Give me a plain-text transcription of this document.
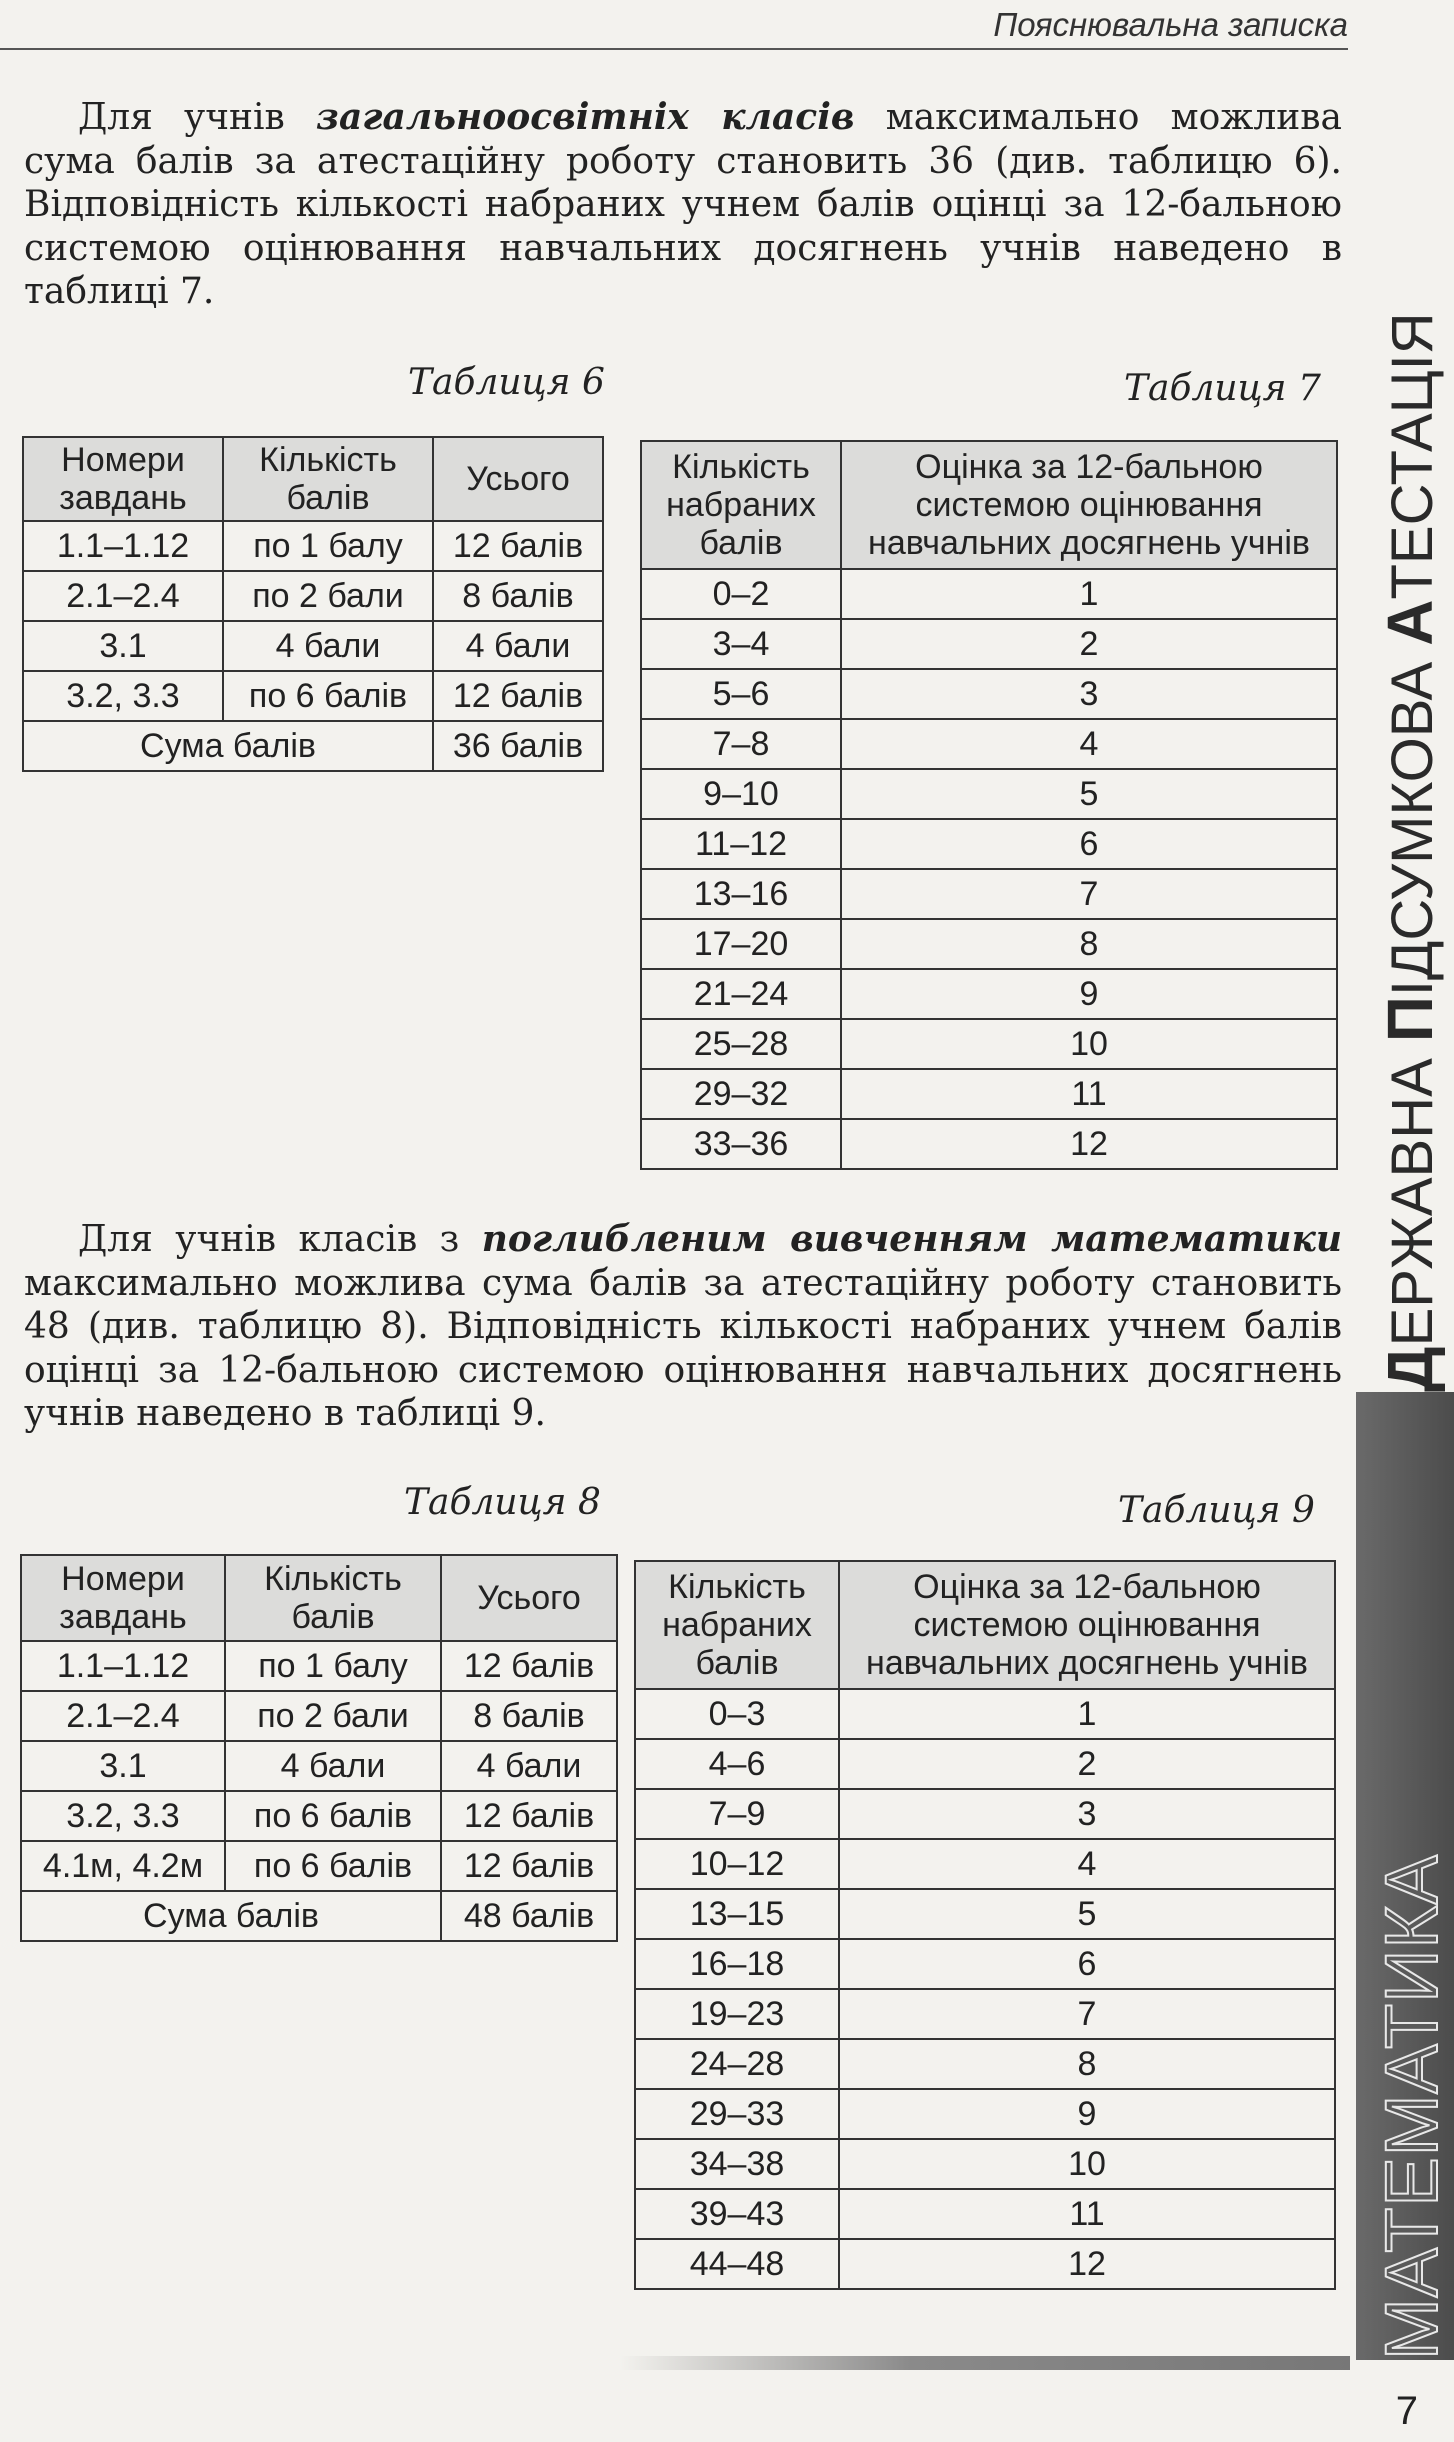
Пояснювальна записка

Для учнів загальноосвітніх класів максимально можлива сума балів за атестаційну роботу становить 36 (див. таблицю 6). Відповідність кількості набраних учнем балів оцінці за 12-бальною системою оцінювання навчальних досягнень учнів наведено в таблиці 7.

Таблиця 6
Номери завдань	Кількість балів	Усього
1.1–1.12	по 1 балу	12 балів
2.1–2.4	по 2 бали	8 балів
3.1	4 бали	4 бали
3.2, 3.3	по 6 балів	12 балів
Сума балів		36 балів
Таблиця 7
Кількість набраних балів	Оцінка за 12-бальною системою оцінювання навчальних досягнень учнів
0–2	1
3–4	2
5–6	3
7–8	4
9–10	5
11–12	6
13–16	7
17–20	8
21–24	9
25–28	10
29–32	11
33–36	12

Для учнів класів з поглибленим вивченням математики максимально можлива сума балів за атестаційну роботу становить 48 (див. таблицю 8). Відповідність кількості набраних учнем балів оцінці за 12-бальною системою оцінювання навчальних досягнень учнів наведено в таблиці 9.

Таблиця 8
Номери завдань	Кількість балів	Усього
1.1–1.12	по 1 балу	12 балів
2.1–2.4	по 2 бали	8 балів
3.1	4 бали	4 бали
3.2, 3.3	по 6 балів	12 балів
4.1м, 4.2м	по 6 балів	12 балів
Сума балів		48 балів
Таблиця 9
Кількість набраних балів	Оцінка за 12-бальною системою оцінювання навчальних досягнень учнів
0–3	1
4–6	2
7–9	3
10–12	4
13–15	5
16–18	6
19–23	7
24–28	8
29–33	9
34–38	10
39–43	11
44–48	12
ДЕРЖАВНА ПІДСУМКОВА АТЕСТАЦІЯ
МАТЕМАТИКА
7
